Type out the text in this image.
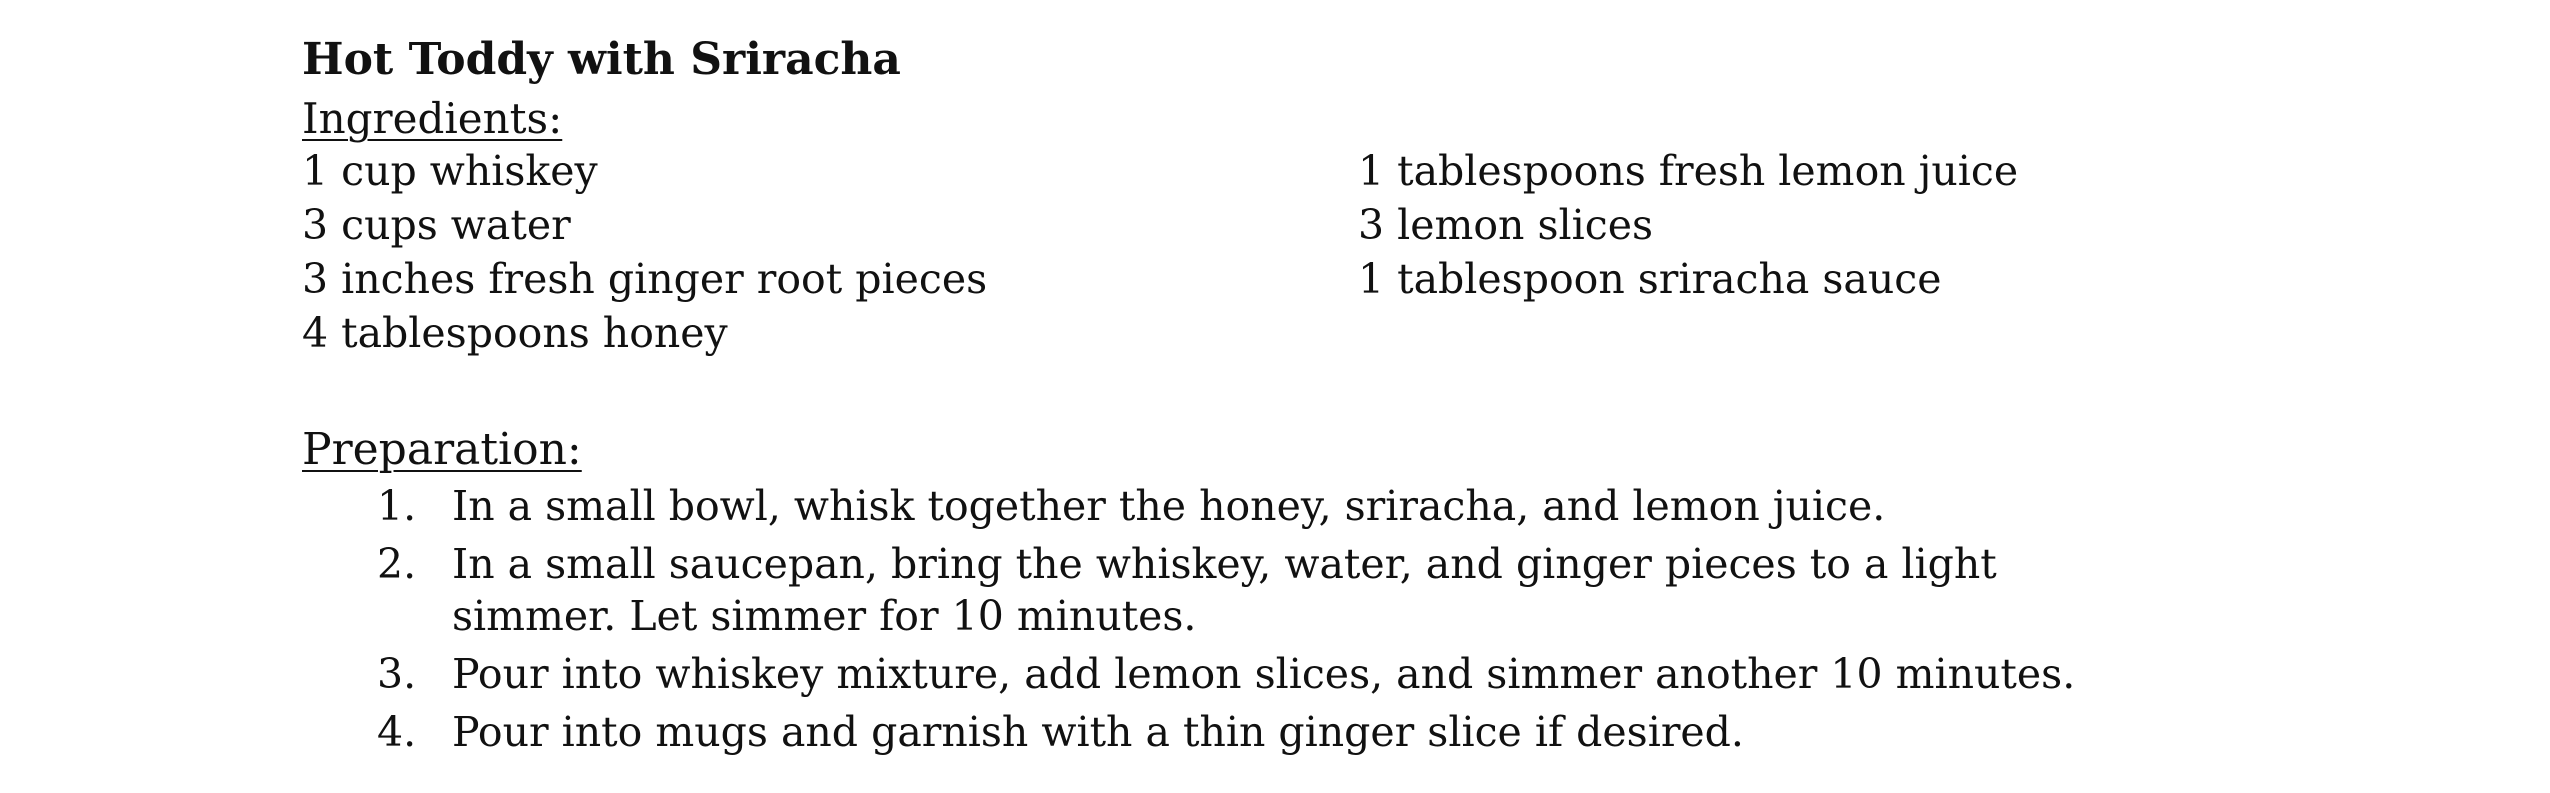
Hot Toddy with Sriracha
Ingredients:
1 cup whiskey
3 cups water
3 inches fresh ginger root pieces
4 tablespoons honey
1 tablespoons fresh lemon juice
3 lemon slices
1 tablespoon sriracha sauce
Preparation:
1. In a small bowl, whisk together the honey, sriracha, and lemon juice.
2. In a small saucepan, bring the whiskey, water, and ginger pieces to a light simmer. Let simmer for 10 minutes.
3. Pour into whiskey mixture, add lemon slices, and simmer another 10 minutes.
4. Pour into mugs and garnish with a thin ginger slice if desired.
